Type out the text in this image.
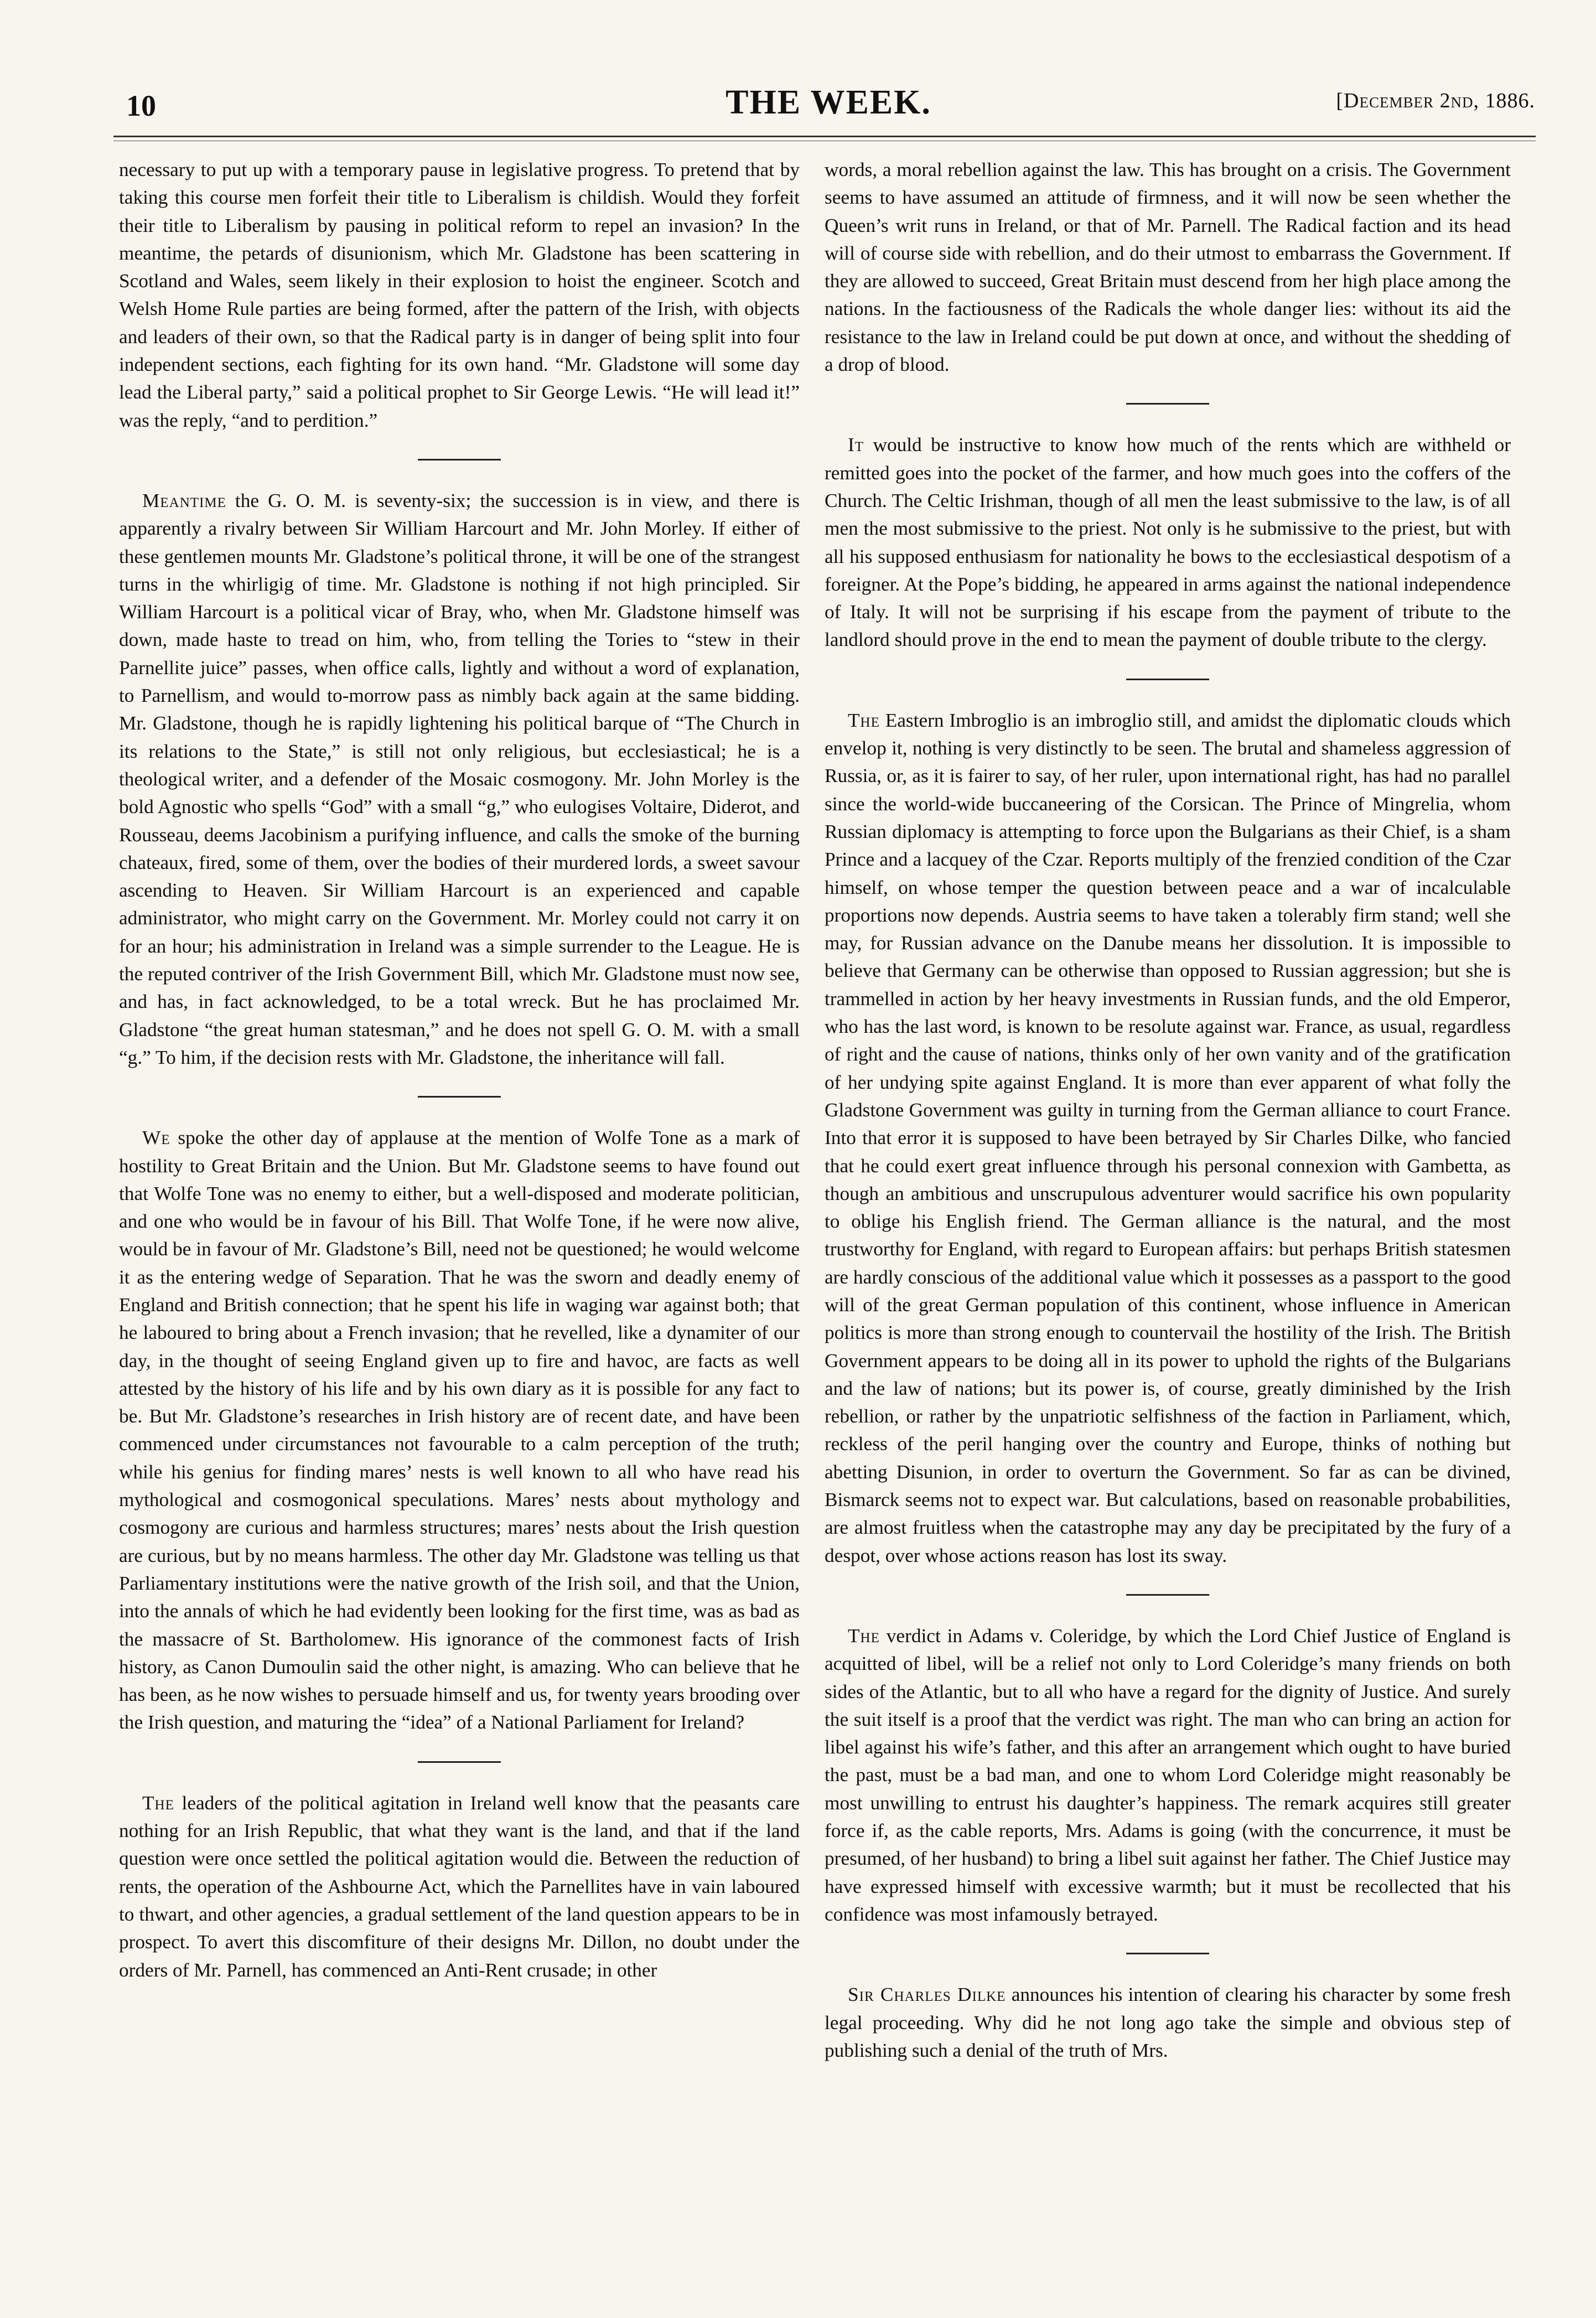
10	THE WEEK.	[December 2nd, 1886.

necessary to put up with a temporary pause in legislative progress. To pretend that by taking this course men forfeit their title to Liberalism is childish. Would they forfeit their title to Liberalism by pausing in political reform to repel an invasion? In the meantime, the petards of disunionism, which Mr. Gladstone has been scattering in Scotland and Wales, seem likely in their explosion to hoist the engineer. Scotch and Welsh Home Rule parties are being formed, after the pattern of the Irish, with objects and leaders of their own, so that the Radical party is in danger of being split into four independent sections, each fighting for its own hand. “Mr. Gladstone will some day lead the Liberal party,” said a political prophet to Sir George Lewis. “He will lead it!” was the reply, “and to perdition.”

Meantime the G. O. M. is seventy-six; the succession is in view, and there is apparently a rivalry between Sir William Harcourt and Mr. John Morley. If either of these gentlemen mounts Mr. Gladstone’s political throne, it will be one of the strangest turns in the whirligig of time. Mr. Gladstone is nothing if not high principled. Sir William Harcourt is a political vicar of Bray, who, when Mr. Gladstone himself was down, made haste to tread on him, who, from telling the Tories to “stew in their Parnellite juice” passes, when office calls, lightly and without a word of explanation, to Parnellism, and would to-morrow pass as nimbly back again at the same bidding. Mr. Gladstone, though he is rapidly lightening his political barque of “The Church in its relations to the State,” is still not only religious, but ecclesiastical; he is a theological writer, and a defender of the Mosaic cosmogony. Mr. John Morley is the bold Agnostic who spells “God” with a small “g,” who eulogises Voltaire, Diderot, and Rousseau, deems Jacobinism a purifying influence, and calls the smoke of the burning chateaux, fired, some of them, over the bodies of their murdered lords, a sweet savour ascending to Heaven. Sir William Harcourt is an experienced and capable administrator, who might carry on the Government. Mr. Morley could not carry it on for an hour; his administration in Ireland was a simple surrender to the League. He is the reputed contriver of the Irish Government Bill, which Mr. Gladstone must now see, and has, in fact acknowledged, to be a total wreck. But he has proclaimed Mr. Gladstone “the great human statesman,” and he does not spell G. O. M. with a small “g.” To him, if the decision rests with Mr. Gladstone, the inheritance will fall.

We spoke the other day of applause at the mention of Wolfe Tone as a mark of hostility to Great Britain and the Union. But Mr. Gladstone seems to have found out that Wolfe Tone was no enemy to either, but a well-disposed and moderate politician, and one who would be in favour of his Bill. That Wolfe Tone, if he were now alive, would be in favour of Mr. Gladstone’s Bill, need not be questioned; he would welcome it as the entering wedge of Separation. That he was the sworn and deadly enemy of England and British connection; that he spent his life in waging war against both; that he laboured to bring about a French invasion; that he revelled, like a dynamiter of our day, in the thought of seeing England given up to fire and havoc, are facts as well attested by the history of his life and by his own diary as it is possible for any fact to be. But Mr. Gladstone’s researches in Irish history are of recent date, and have been commenced under circumstances not favourable to a calm perception of the truth; while his genius for finding mares’ nests is well known to all who have read his mythological and cosmogonical speculations. Mares’ nests about mythology and cosmogony are curious and harmless structures; mares’ nests about the Irish question are curious, but by no means harmless. The other day Mr. Gladstone was telling us that Parliamentary institutions were the native growth of the Irish soil, and that the Union, into the annals of which he had evidently been looking for the first time, was as bad as the massacre of St. Bartholomew. His ignorance of the commonest facts of Irish history, as Canon Dumoulin said the other night, is amazing. Who can believe that he has been, as he now wishes to persuade himself and us, for twenty years brooding over the Irish question, and maturing the “idea” of a National Parliament for Ireland?

The leaders of the political agitation in Ireland well know that the peasants care nothing for an Irish Republic, that what they want is the land, and that if the land question were once settled the political agitation would die. Between the reduction of rents, the operation of the Ashbourne Act, which the Parnellites have in vain laboured to thwart, and other agencies, a gradual settlement of the land question appears to be in prospect. To avert this discomfiture of their designs Mr. Dillon, no doubt under the orders of Mr. Parnell, has commenced an Anti-Rent crusade; in other

words, a moral rebellion against the law. This has brought on a crisis. The Government seems to have assumed an attitude of firmness, and it will now be seen whether the Queen’s writ runs in Ireland, or that of Mr. Parnell. The Radical faction and its head will of course side with rebellion, and do their utmost to embarrass the Government. If they are allowed to succeed, Great Britain must descend from her high place among the nations. In the factiousness of the Radicals the whole danger lies: without its aid the resistance to the law in Ireland could be put down at once, and without the shedding of a drop of blood.

It would be instructive to know how much of the rents which are withheld or remitted goes into the pocket of the farmer, and how much goes into the coffers of the Church. The Celtic Irishman, though of all men the least submissive to the law, is of all men the most submissive to the priest. Not only is he submissive to the priest, but with all his supposed enthusiasm for nationality he bows to the ecclesiastical despotism of a foreigner. At the Pope’s bidding, he appeared in arms against the national independence of Italy. It will not be surprising if his escape from the payment of tribute to the landlord should prove in the end to mean the payment of double tribute to the clergy.

The Eastern Imbroglio is an imbroglio still, and amidst the diplomatic clouds which envelop it, nothing is very distinctly to be seen. The brutal and shameless aggression of Russia, or, as it is fairer to say, of her ruler, upon international right, has had no parallel since the world-wide buccaneering of the Corsican. The Prince of Mingrelia, whom Russian diplomacy is attempting to force upon the Bulgarians as their Chief, is a sham Prince and a lacquey of the Czar. Reports multiply of the frenzied condition of the Czar himself, on whose temper the question between peace and a war of incalculable proportions now depends. Austria seems to have taken a tolerably firm stand; well she may, for Russian advance on the Danube means her dissolution. It is impossible to believe that Germany can be otherwise than opposed to Russian aggression; but she is trammelled in action by her heavy investments in Russian funds, and the old Emperor, who has the last word, is known to be resolute against war. France, as usual, regardless of right and the cause of nations, thinks only of her own vanity and of the gratification of her undying spite against England. It is more than ever apparent of what folly the Gladstone Government was guilty in turning from the German alliance to court France. Into that error it is supposed to have been betrayed by Sir Charles Dilke, who fancied that he could exert great influence through his personal connexion with Gambetta, as though an ambitious and unscrupulous adventurer would sacrifice his own popularity to oblige his English friend. The German alliance is the natural, and the most trustworthy for England, with regard to European affairs: but perhaps British statesmen are hardly conscious of the additional value which it possesses as a passport to the good will of the great German population of this continent, whose influence in American politics is more than strong enough to countervail the hostility of the Irish. The British Government appears to be doing all in its power to uphold the rights of the Bulgarians and the law of nations; but its power is, of course, greatly diminished by the Irish rebellion, or rather by the unpatriotic selfishness of the faction in Parliament, which, reckless of the peril hanging over the country and Europe, thinks of nothing but abetting Disunion, in order to overturn the Government. So far as can be divined, Bismarck seems not to expect war. But calculations, based on reasonable probabilities, are almost fruitless when the catastrophe may any day be precipitated by the fury of a despot, over whose actions reason has lost its sway.

The verdict in Adams v. Coleridge, by which the Lord Chief Justice of England is acquitted of libel, will be a relief not only to Lord Coleridge’s many friends on both sides of the Atlantic, but to all who have a regard for the dignity of Justice. And surely the suit itself is a proof that the verdict was right. The man who can bring an action for libel against his wife’s father, and this after an arrangement which ought to have buried the past, must be a bad man, and one to whom Lord Coleridge might reasonably be most unwilling to entrust his daughter’s happiness. The remark acquires still greater force if, as the cable reports, Mrs. Adams is going (with the concurrence, it must be presumed, of her husband) to bring a libel suit against her father. The Chief Justice may have expressed himself with excessive warmth; but it must be recollected that his confidence was most infamously betrayed.

Sir Charles Dilke announces his intention of clearing his character by some fresh legal proceeding. Why did he not long ago take the simple and obvious step of publishing such a denial of the truth of Mrs.
